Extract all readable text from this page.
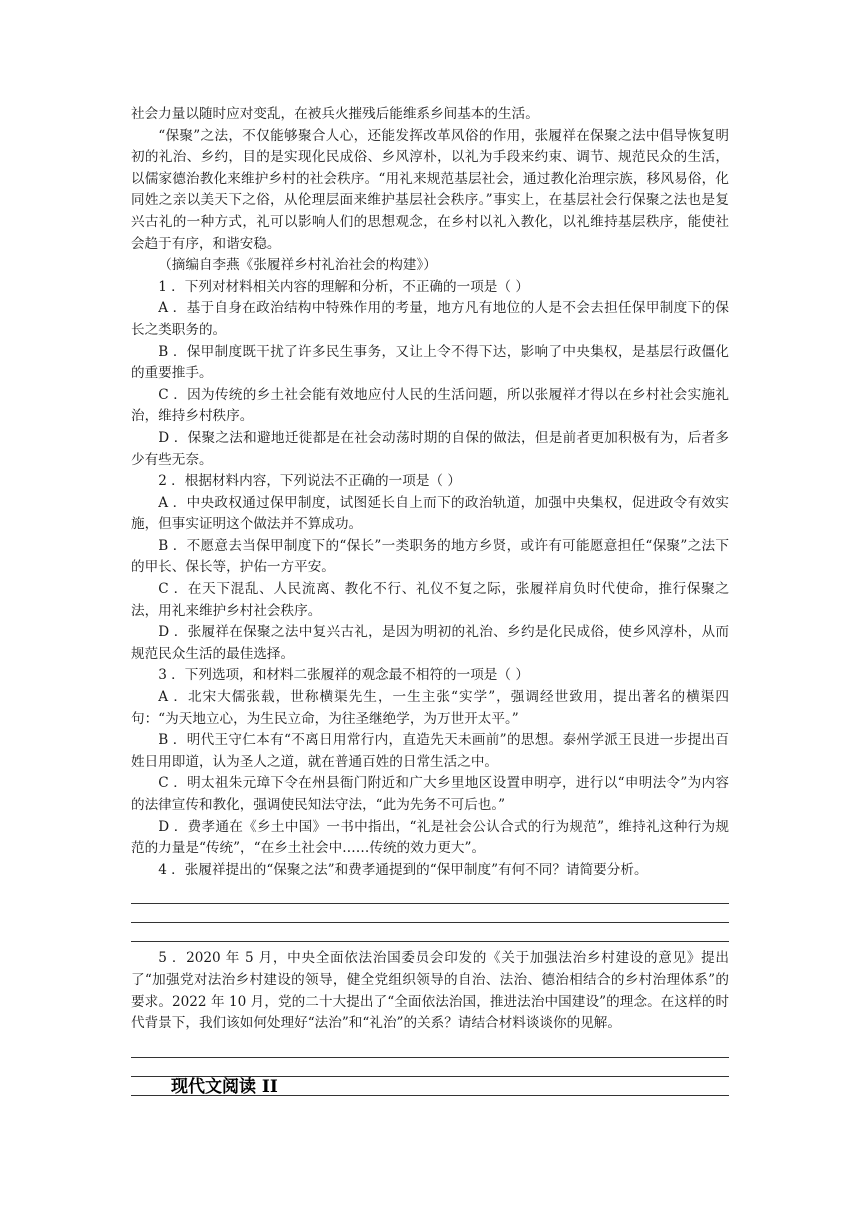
社会力量以随时应对变乱，在被兵火摧残后能维系乡间基本的生活。

“保聚”之法，不仅能够聚合人心，还能发挥改革风俗的作用，张履祥在保聚之法中倡导恢复明初的礼治、乡约，目的是实现化民成俗、乡风淳朴，以礼为手段来约束、调节、规范民众的生活，以儒家德治教化来维护乡村的社会秩序。“用礼来规范基层社会，通过教化治理宗族，移风易俗，化同姓之亲以美天下之俗，从伦理层面来维护基层社会秩序。”事实上，在基层社会行保聚之法也是复兴古礼的一种方式，礼可以影响人们的思想观念，在乡村以礼入教化，以礼维持基层秩序，能使社会趋于有序，和谐安稳。

（摘编自李燕《张履祥乡村礼治社会的构建》）

1 ．下列对材料相关内容的理解和分析，不正确的一项是（ ）

A ．基于自身在政治结构中特殊作用的考量，地方凡有地位的人是不会去担任保甲制度下的保长之类职务的。

B ．保甲制度既干扰了许多民生事务，又让上令不得下达，影响了中央集权，是基层行政僵化的重要推手。

C ．因为传统的乡土社会能有效地应付人民的生活问题，所以张履祥才得以在乡村社会实施礼治，维持乡村秩序。

D ．保聚之法和避地迁徙都是在社会动荡时期的自保的做法，但是前者更加积极有为，后者多少有些无奈。

2 ．根据材料内容，下列说法不正确的一项是（ ）

A ．中央政权通过保甲制度，试图延长自上而下的政治轨道，加强中央集权，促进政令有效实施，但事实证明这个做法并不算成功。

B ．不愿意去当保甲制度下的“保长”一类职务的地方乡贤，或许有可能愿意担任“保聚”之法下的甲长、保长等，护佑一方平安。

C ．在天下混乱、人民流离、教化不行、礼仪不复之际，张履祥肩负时代使命，推行保聚之法，用礼来维护乡村社会秩序。

D ．张履祥在保聚之法中复兴古礼，是因为明初的礼治、乡约是化民成俗，使乡风淳朴，从而规范民众生活的最佳选择。

3 ．下列选项，和材料二张履祥的观念最不相符的一项是（ ）

A ．北宋大儒张载，世称横渠先生，一生主张“实学”，强调经世致用，提出著名的横渠四句：“为天地立心，为生民立命，为往圣继绝学，为万世开太平。”

B ．明代王守仁本有“不离日用常行内，直造先天未画前”的思想。泰州学派王艮进一步提出百姓日用即道，认为圣人之道，就在普通百姓的日常生活之中。

C ．明太祖朱元璋下令在州县衙门附近和广大乡里地区设置申明亭，进行以“申明法令”为内容的法律宣传和教化，强调使民知法守法，“此为先务不可后也。”

D ．费孝通在《乡土中国》一书中指出，“礼是社会公认合式的行为规范”，维持礼这种行为规范的力量是“传统”，“在乡土社会中……传统的效力更大”。

4 ．张履祥提出的“保聚之法”和费孝通提到的“保甲制度”有何不同？请简要分析。

5 ．2020 年 5 月，中央全面依法治国委员会印发的《关于加强法治乡村建设的意见》提出了“加强党对法治乡村建设的领导，健全党组织领导的自治、法治、德治相结合的乡村治理体系”的要求。2022 年 10 月，党的二十大提出了“全面依法治国，推进法治中国建设”的理念。在这样的时代背景下，我们该如何处理好“法治”和“礼治”的关系？请结合材料谈谈你的见解。

现代文阅读 II
